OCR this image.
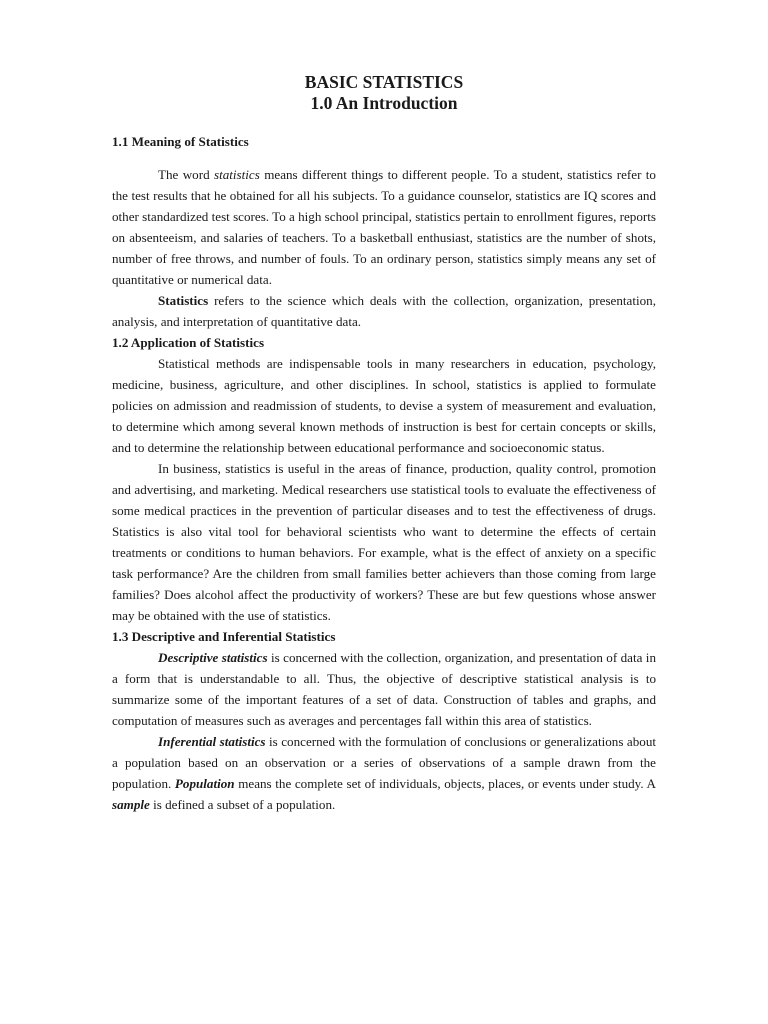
BASIC STATISTICS

1.0 An Introduction

1.1 Meaning of Statistics

The word statistics means different things to different people. To a student, statistics refer to the test results that he obtained for all his subjects. To a guidance counselor, statistics are IQ scores and other standardized test scores. To a high school principal, statistics pertain to enrollment figures, reports on absenteeism, and salaries of teachers. To a basketball enthusiast, statistics are the number of shots, number of free throws, and number of fouls. To an ordinary person, statistics simply means any set of quantitative or numerical data.

Statistics refers to the science which deals with the collection, organization, presentation, analysis, and interpretation of quantitative data.

1.2 Application of Statistics

Statistical methods are indispensable tools in many researchers in education, psychology, medicine, business, agriculture, and other disciplines. In school, statistics is applied to formulate policies on admission and readmission of students, to devise a system of measurement and evaluation, to determine which among several known methods of instruction is best for certain concepts or skills, and to determine the relationship between educational performance and socioeconomic status.

In business, statistics is useful in the areas of finance, production, quality control, promotion and advertising, and marketing. Medical researchers use statistical tools to evaluate the effectiveness of some medical practices in the prevention of particular diseases and to test the effectiveness of drugs. Statistics is also vital tool for behavioral scientists who want to determine the effects of certain treatments or conditions to human behaviors. For example, what is the effect of anxiety on a specific task performance? Are the children from small families better achievers than those coming from large families? Does alcohol affect the productivity of workers? These are but few questions whose answer may be obtained with the use of statistics.

1.3 Descriptive and Inferential Statistics

Descriptive statistics is concerned with the collection, organization, and presentation of data in a form that is understandable to all. Thus, the objective of descriptive statistical analysis is to summarize some of the important features of a set of data. Construction of tables and graphs, and computation of measures such as averages and percentages fall within this area of statistics.

Inferential statistics is concerned with the formulation of conclusions or generalizations about a population based on an observation or a series of observations of a sample drawn from the population. Population means the complete set of individuals, objects, places, or events under study. A sample is defined a subset of a population.
